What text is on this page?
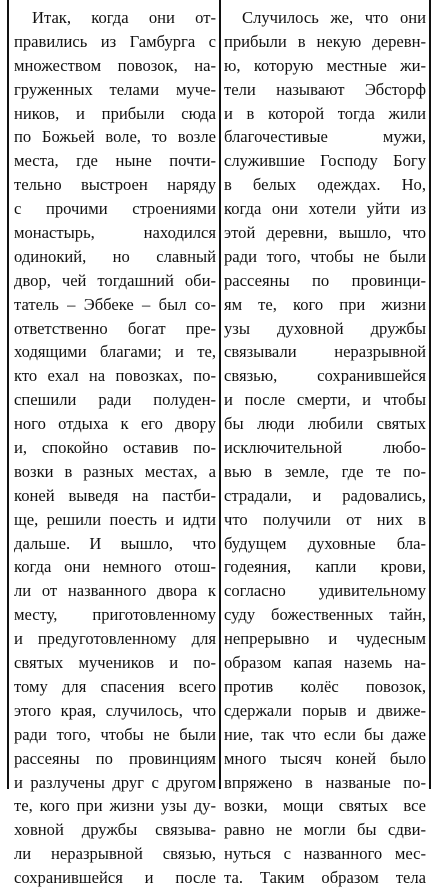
Итак, когда они от-
правились из Гамбурга с
множеством повозок, на-
груженных телами муче-
ников, и прибыли сюда
по Божьей воле, то возле
места, где ныне почти-
тельно выстроен наряду
с прочими строениями
монастырь, находился
одинокий, но славный
двор, чей тогдашний оби-
татель – Эббеке – был со-
ответственно богат пре-
ходящими благами; и те,
кто ехал на повозках, по-
спешили ради полуден-
ного отдыха к его двору
и, спокойно оставив по-
возки в разных местах, а
коней выведя на пастби-
ще, решили поесть и идти
дальше. И вышло, что
когда они немного отош-
ли от названного двора к
месту, приготовленному
и предуготовленному для
святых мучеников и по-
тому для спасения всего
этого края, случилось, что
ради того, чтобы не были
рассеяны по провинциям
и разлучены друг с другом
те, кого при жизни узы ду-
ховной дружбы связыва-
ли неразрывной связью,
сохранившейся и после
Случилось же, что они
прибыли в некую деревн-
ю, которую местные жи-
тели называют Эбсторф
и в которой тогда жили
благочестивые мужи,
служившие Господу Богу
в белых одеждах. Но,
когда они хотели уйти из
этой деревни, вышло, что
ради того, чтобы не были
рассеяны по провинци-
ям те, кого при жизни
узы духовной дружбы
связывали неразрывной
связью, сохранившейся
и после смерти, и чтобы
бы люди любили святых
исключительной любо-
вью в земле, где те по-
страдали, и радовались,
что получили от них в
будущем духовные бла-
годеяния, капли крови,
согласно удивительному
суду божественных тайн,
непрерывно и чудесным
образом капая наземь на-
против колёс повозок,
сдержали порыв и движе-
ние, так что если бы даже
много тысяч коней было
впряжено в названые по-
возки, мощи святых все
равно не могли бы сдви-
нуться с названного мес-
та. Таким образом тела
